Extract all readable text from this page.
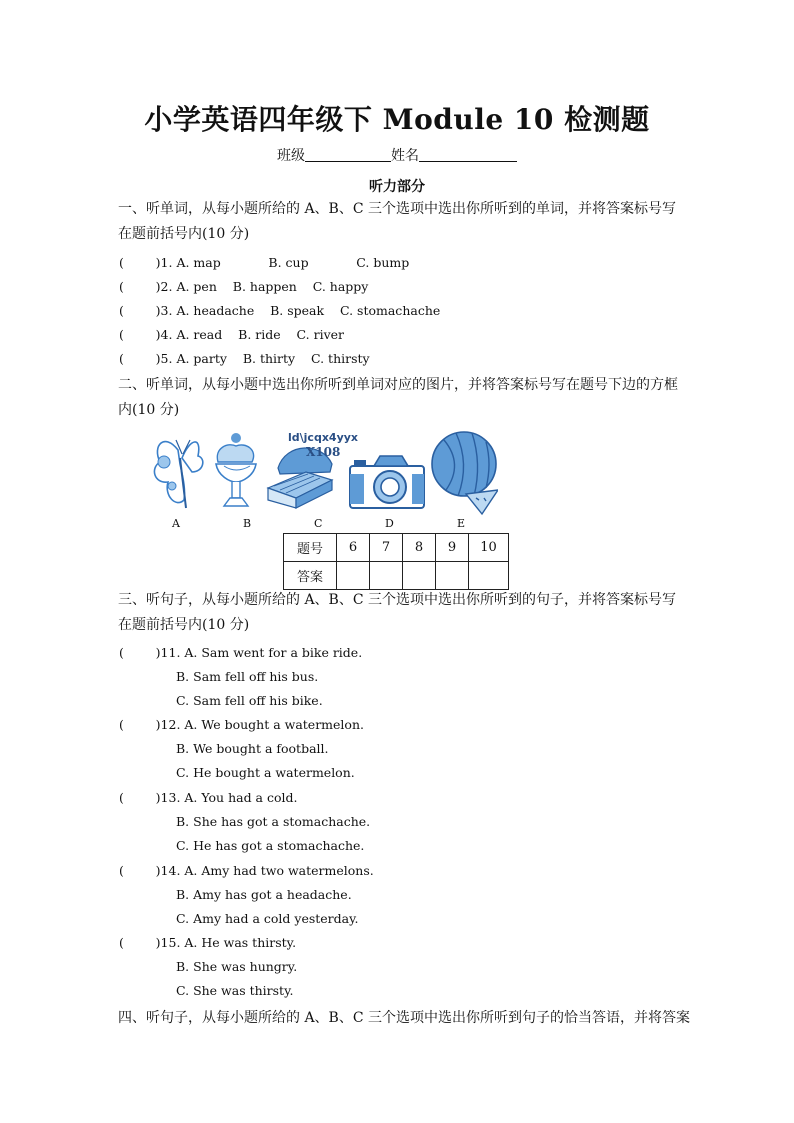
小学英语四年级下 Module 10 检测题
班级	姓名
听力部分
一、听单词，从每小题所给的 A、B、C 三个选项中选出你所听到的单词，并将答案标号写在题前括号内(10 分)
(        )1. A. map            B. cup            C. bump
(        )2. A. pen    B. happen    C. happy
(        )3. A. headache    B. speak    C. stomachache
(        )4. A. read    B. ride    C. river
(        )5. A. party    B. thirty    C. thirsty
二、听单词，从每小题中选出你所听到单词对应的图片，并将答案标号写在题号下边的方框内(10 分)
ld\jcqx4yyx
X108
A	B	C	D	E
题号	6	7	8	9	10
答案					
三、听句子，从每小题所给的 A、B、C 三个选项中选出你所听到的句子，并将答案标号写在题前括号内(10 分)
(        )11. A. Sam went for a bike ride.
B. Sam fell off his bus.
C. Sam fell off his bike.
(        )12. A. We bought a watermelon.
B. We bought a football.
C. He bought a watermelon.
(        )13. A. You had a cold.
B. She has got a stomachache.
C. He has got a stomachache.
(        )14. A. Amy had two watermelons.
B. Amy has got a headache.
C. Amy had a cold yesterday.
(        )15. A. He was thirsty.
B. She was hungry.
C. She was thirsty.
四、听句子，从每小题所给的 A、B、C 三个选项中选出你所听到句子的恰当答语，并将答案
